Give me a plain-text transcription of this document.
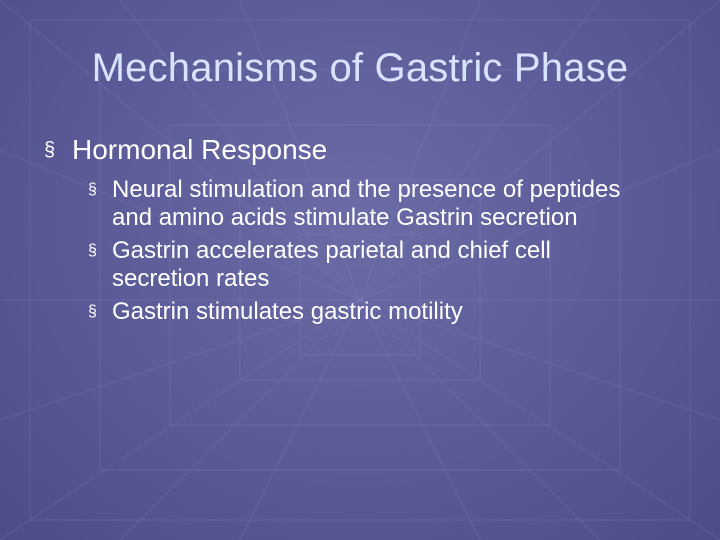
Mechanisms of Gastric Phase
§ Hormonal Response
§ Neural stimulation and the presence of peptides and amino acids stimulate Gastrin secretion
§ Gastrin accelerates parietal and chief cell secretion rates
§ Gastrin stimulates gastric motility
